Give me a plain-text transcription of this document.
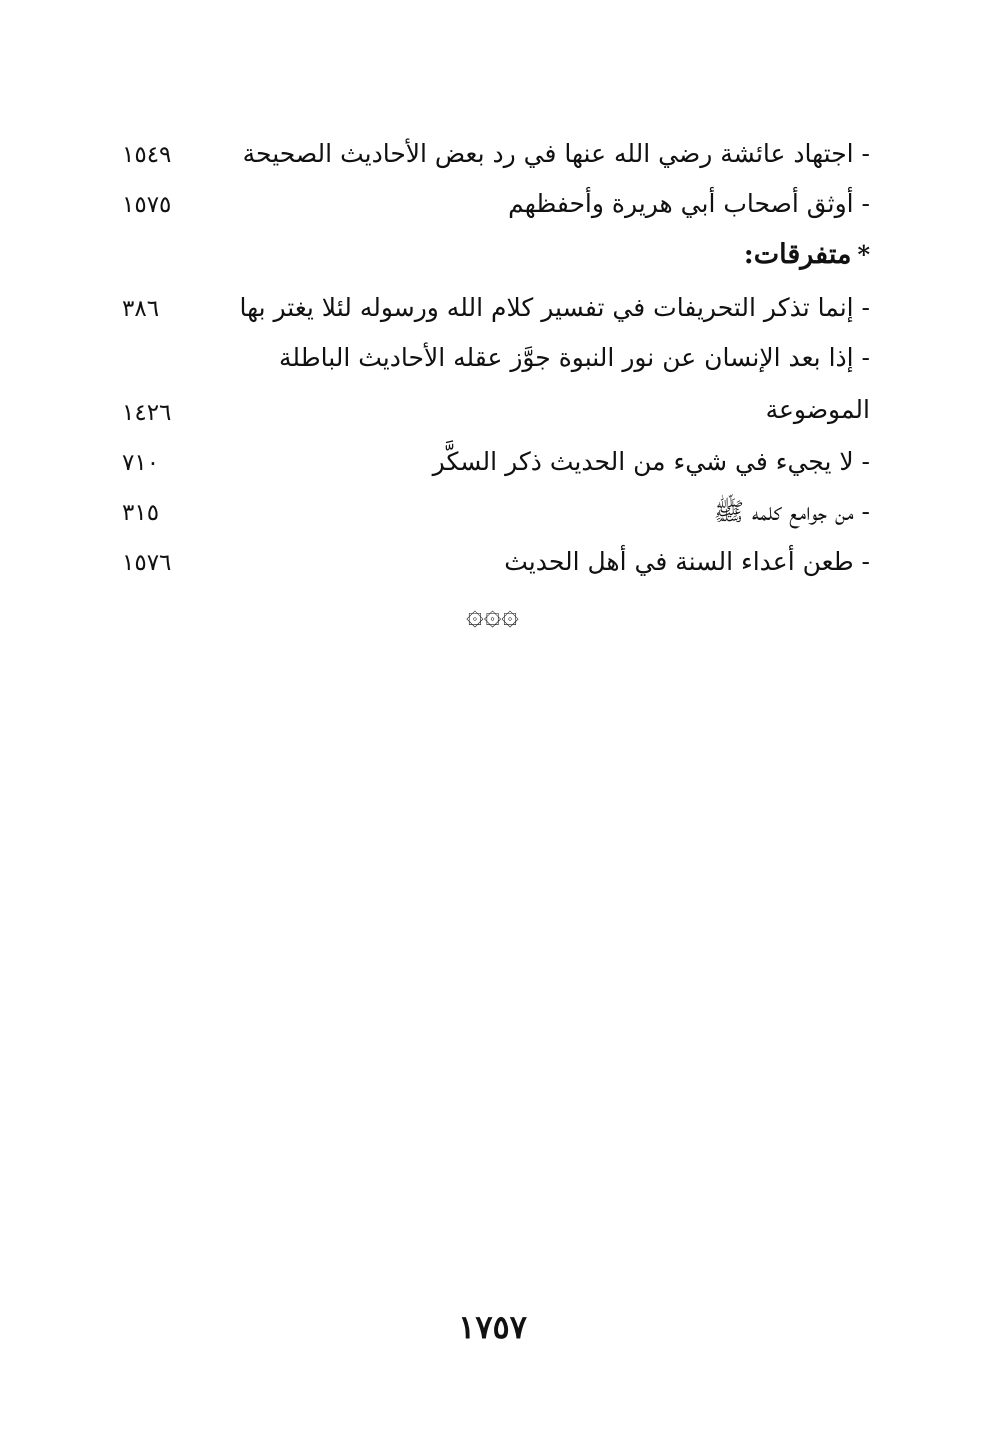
- اجتهاد عائشة رضي الله عنها في رد بعض الأحاديث الصحيحة
١٥٤٩
- أوثق أصحاب أبي هريرة وأحفظهم
١٥٧٥
*متفرقات:
- إنما تذكر التحريفات في تفسير كلام الله ورسوله لئلا يغتر بها
٣٨٦
- إذا بعد الإنسان عن نور النبوة جوَّز عقله الأحاديث الباطلة الموضوعة
١٤٢٦
- لا يجيء في شيء من الحديث ذكر السكَّر
٧١٠
- من جوامع كلمه ﷺ
٣١٥
- طعن أعداء السنة في أهل الحديث
١٥٧٦
۞۞۞
١٧٥٧
